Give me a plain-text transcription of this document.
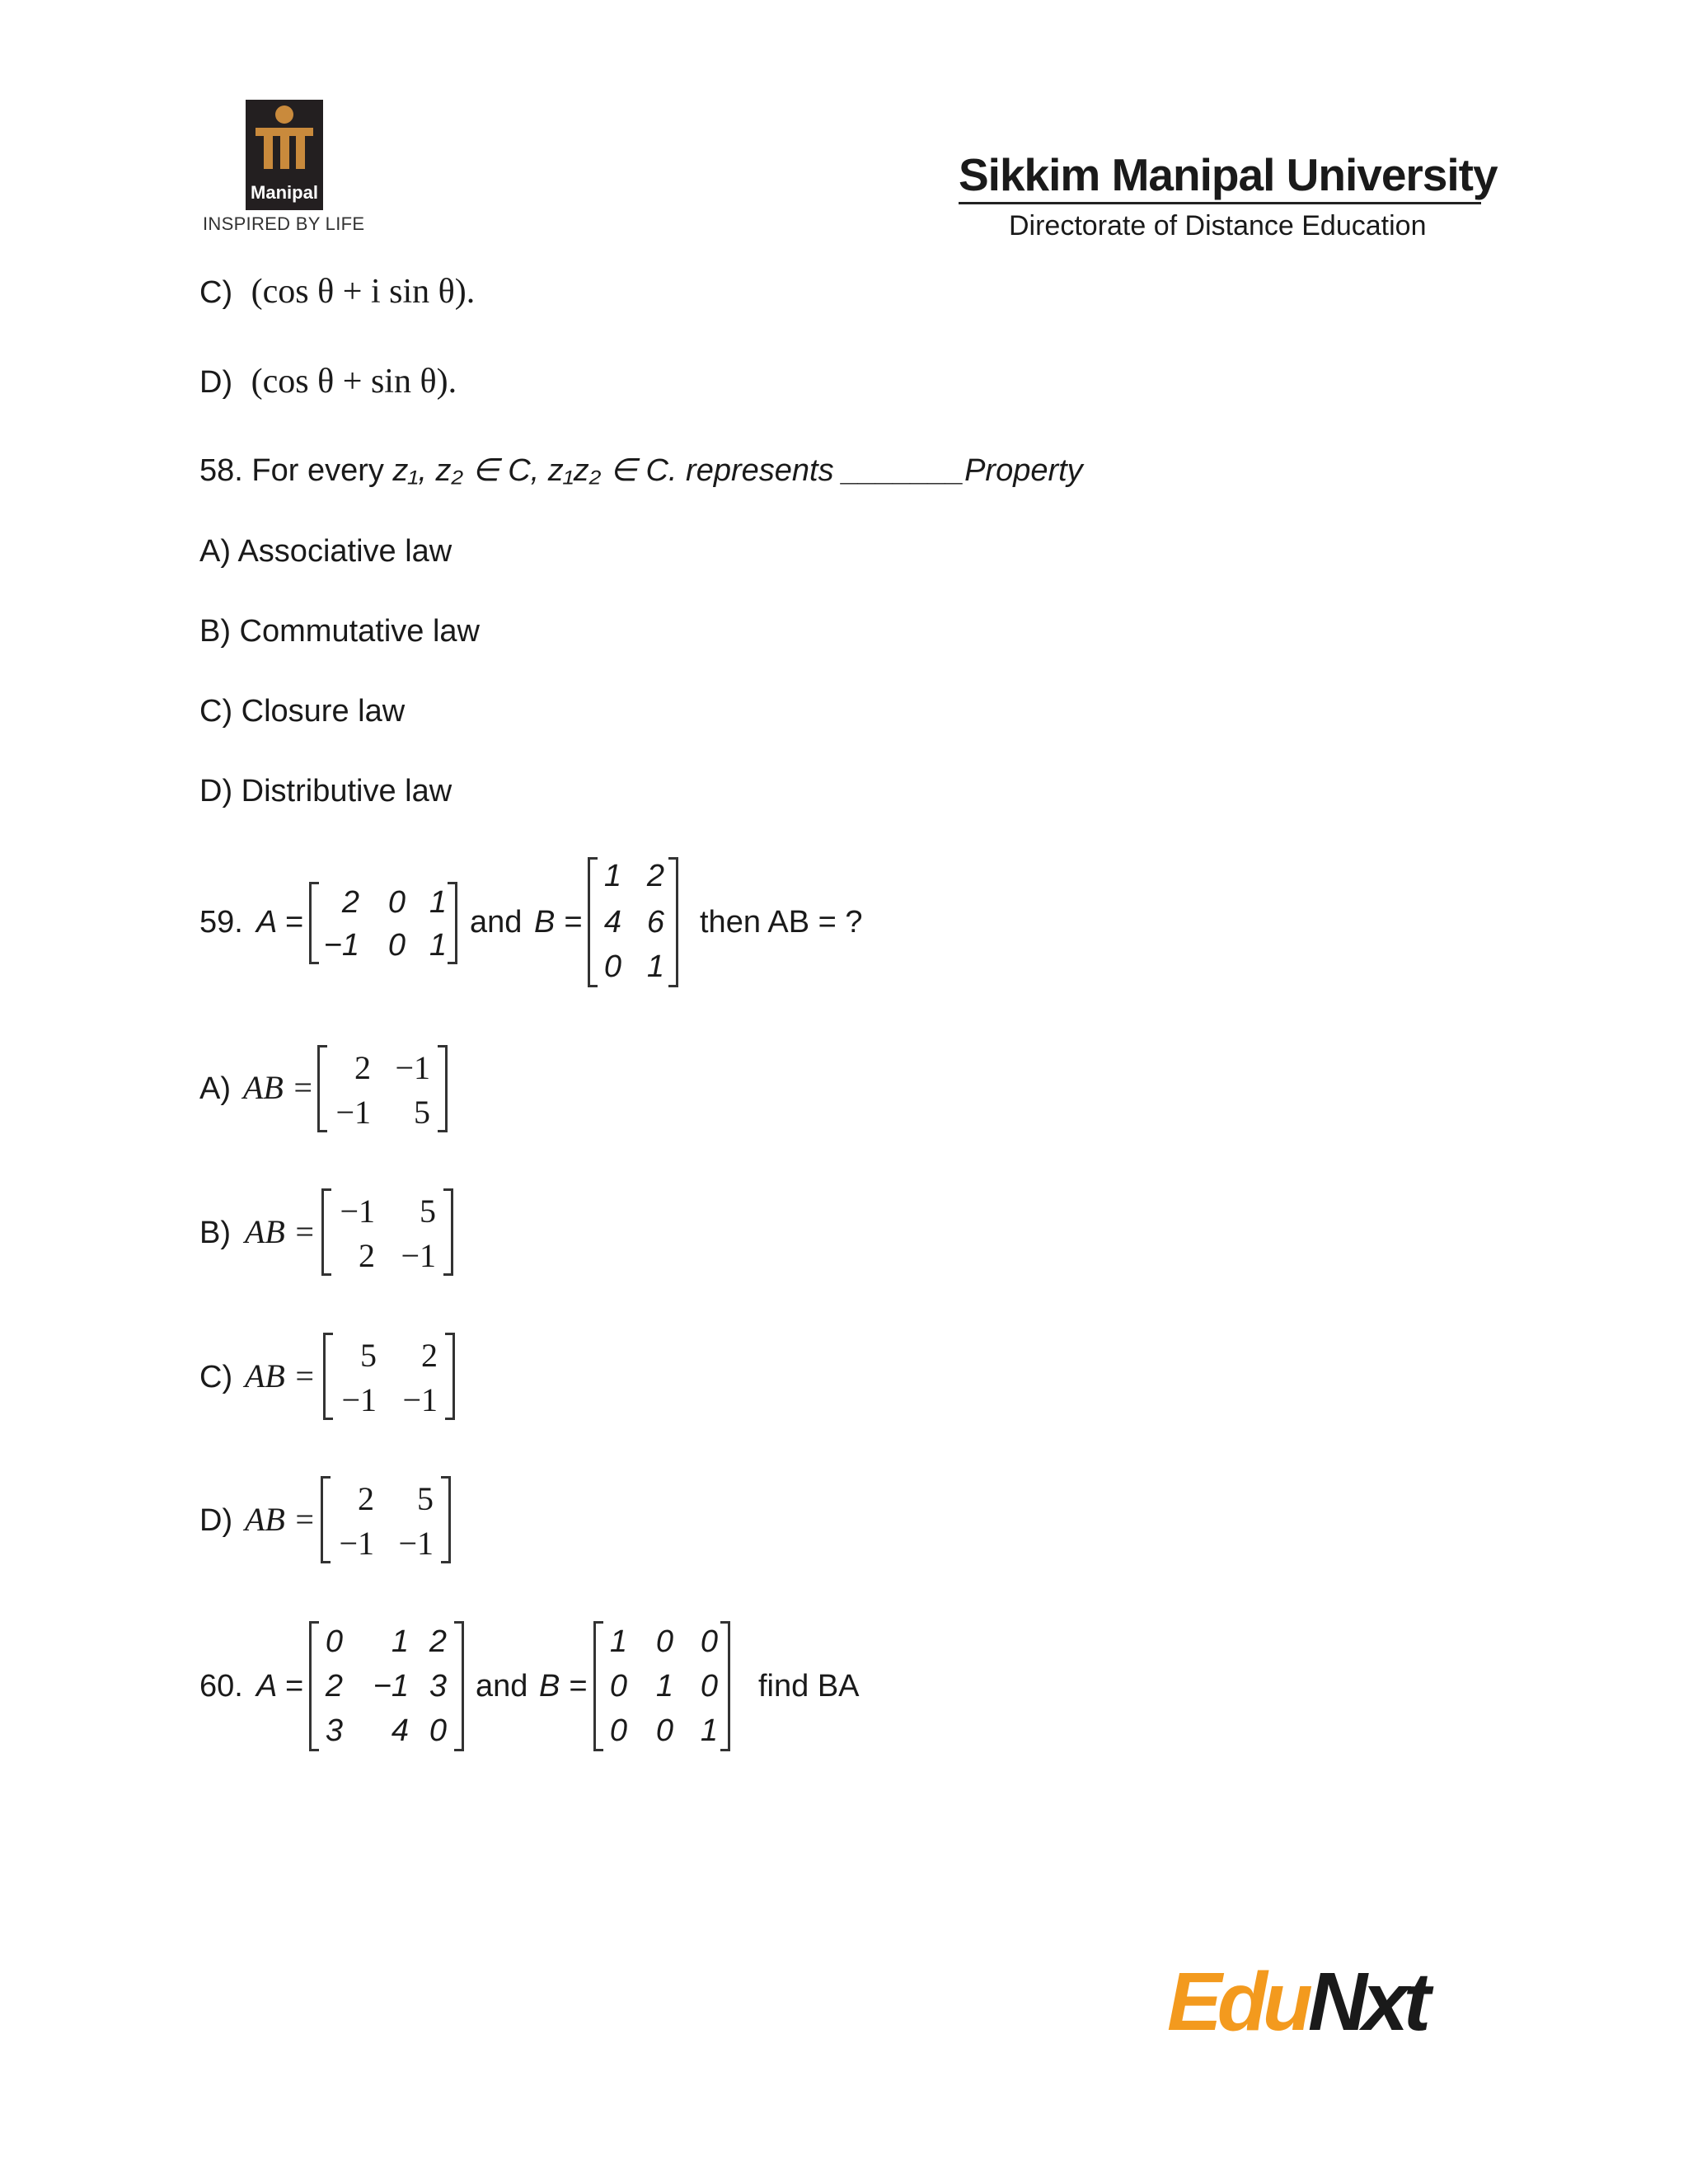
Manipal
INSPIRED BY LIFE
Sikkim Manipal University
Directorate of Distance Education
C) (cos θ + i sin θ).
D) (cos θ + sin θ).
58. For every z₁, z₂ ∈ C, z₁z₂ ∈ C. represents _______Property
A) Associative law
B) Commutative law
C) Closure law
D) Distributive law
59. A =
2 0 1
−1 0 1
and B =
1 2
4 6
0 1
then AB = ?
A) AB =
2 −1
−1	5
B) AB =
−1	5
2 −1
C) AB =
5	2
−1 −1
D) AB =
2	5
−1 −1
60. A =
0	1 2
2 −1 3
3	4 0
and B =
1 0 0
0 1 0
0 0 1
find BA
EduNxt
